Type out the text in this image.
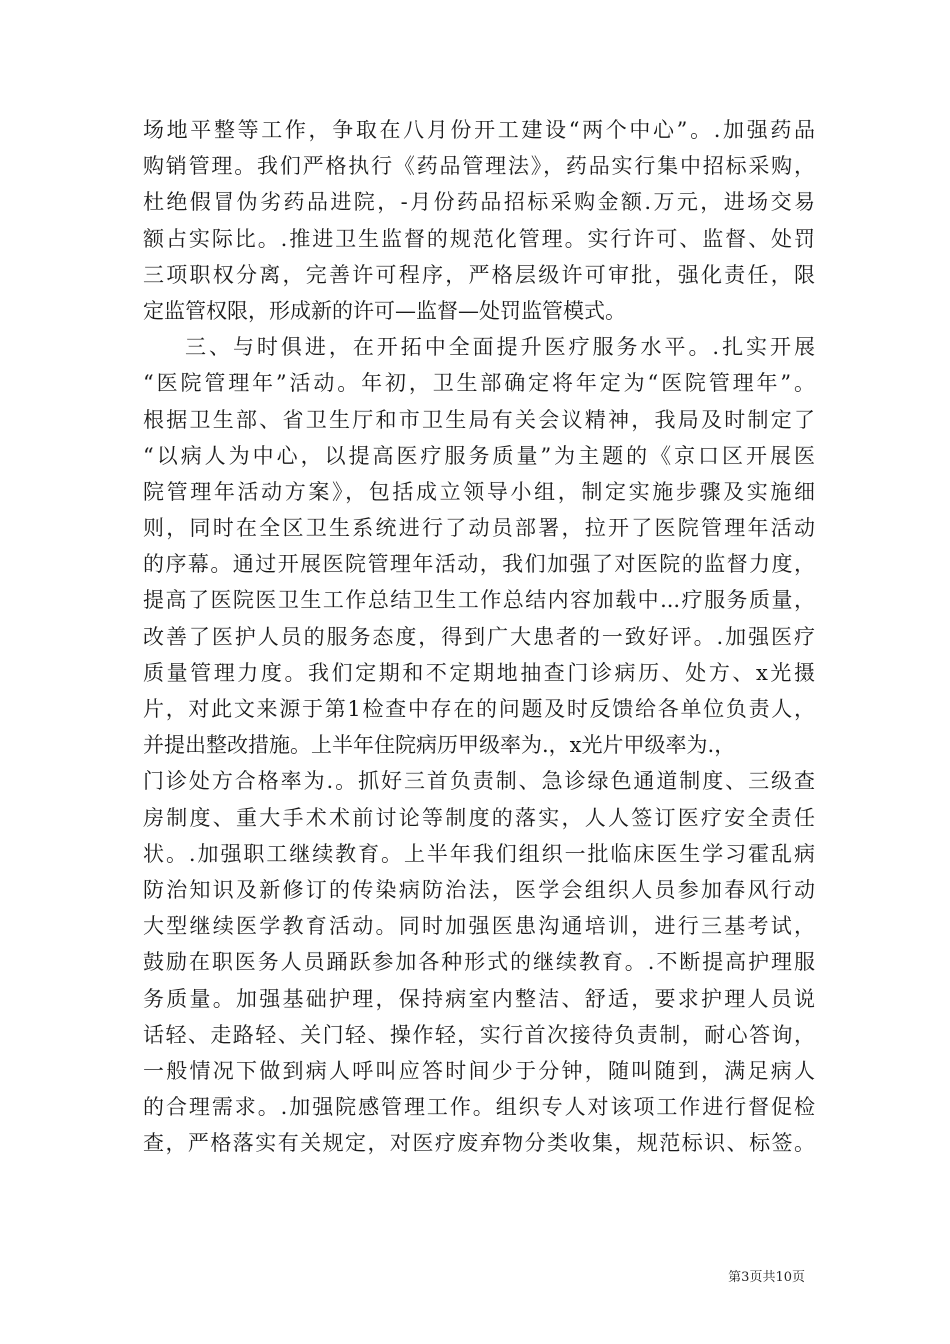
场地平整等工作，争取在八月份开工建设“两个中心”。.加强药品
购销管理。我们严格执行《药品管理法》，药品实行集中招标采购，
杜绝假冒伪劣药品进院，-月份药品招标采购金额.万元，进场交易
额占实际比。.推进卫生监督的规范化管理。实行许可、监督、处罚
三项职权分离，完善许可程序，严格层级许可审批，强化责任，限
定监管权限，形成新的许可—监督—处罚监管模式。
三、与时俱进，在开拓中全面提升医疗服务水平。.扎实开展
“医院管理年”活动。年初，卫生部确定将年定为“医院管理年”。
根据卫生部、省卫生厅和市卫生局有关会议精神，我局及时制定了
“以病人为中心，以提高医疗服务质量”为主题的《京口区开展医
院管理年活动方案》，包括成立领导小组，制定实施步骤及实施细
则，同时在全区卫生系统进行了动员部署，拉开了医院管理年活动
的序幕。通过开展医院管理年活动，我们加强了对医院的监督力度，
提高了医院医卫生工作总结卫生工作总结内容加载中...疗服务质量，
改善了医护人员的服务态度，得到广大患者的一致好评。.加强医疗
质量管理力度。我们定期和不定期地抽查门诊病历、处方、x光摄
片，对此文来源于第1检查中存在的问题及时反馈给各单位负责人，
并提出整改措施。上半年住院病历甲级率为.，x光片甲级率为.，
门诊处方合格率为.。抓好三首负责制、急诊绿色通道制度、三级查
房制度、重大手术术前讨论等制度的落实，人人签订医疗安全责任
状。.加强职工继续教育。上半年我们组织一批临床医生学习霍乱病
防治知识及新修订的传染病防治法，医学会组织人员参加春风行动
大型继续医学教育活动。同时加强医患沟通培训，进行三基考试，
鼓励在职医务人员踊跃参加各种形式的继续教育。.不断提高护理服
务质量。加强基础护理，保持病室内整洁、舒适，要求护理人员说
话轻、走路轻、关门轻、操作轻，实行首次接待负责制，耐心答询，
一般情况下做到病人呼叫应答时间少于分钟，随叫随到，满足病人
的合理需求。.加强院感管理工作。组织专人对该项工作进行督促检
查，严格落实有关规定，对医疗废弃物分类收集，规范标识、标签。
第3页共10页
